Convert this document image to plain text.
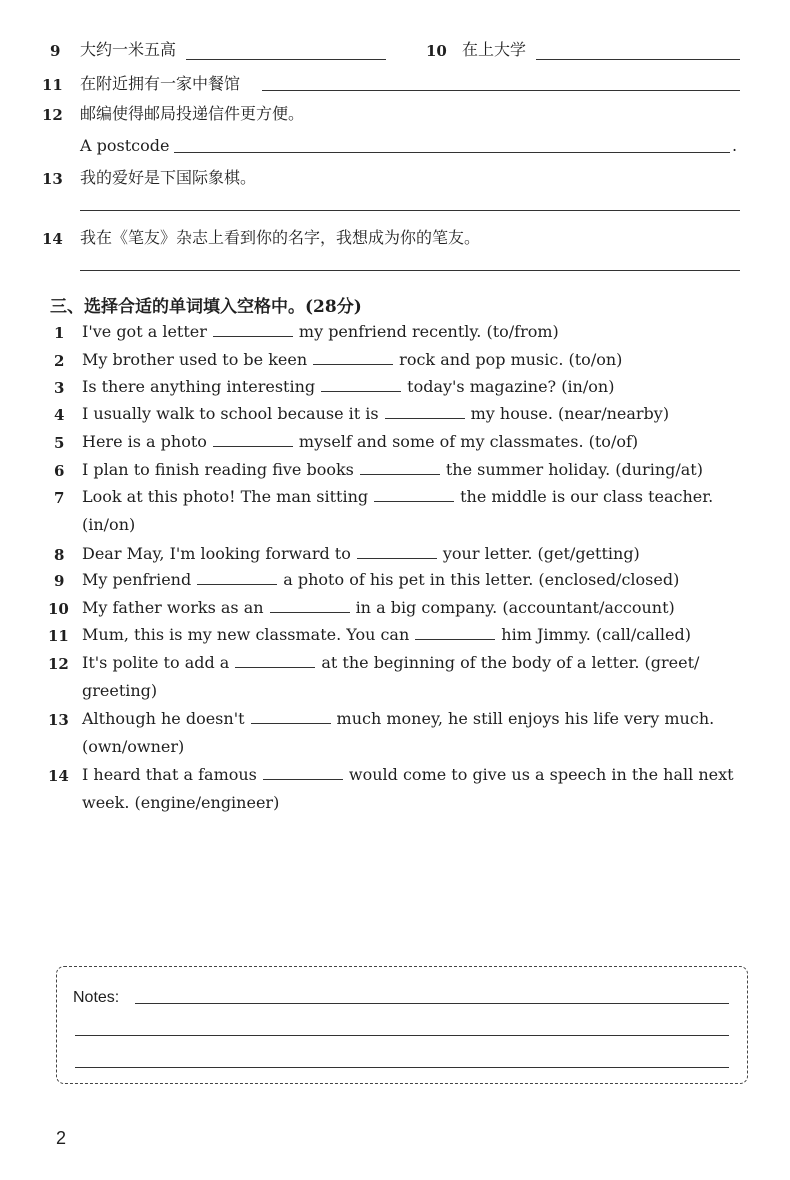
9 大约一米五高	10 在上大学
11 在附近拥有一家中餐馆
12 邮编使得邮局投递信件更方便。
A postcode	.
13 我的爱好是下国际象棋。
14 我在《笔友》杂志上看到你的名字，我想成为你的笔友。
三、选择合适的单词填入空格中。(28分)
1 I've got a letter	my penfriend recently. (to/from)
2 My brother used to be keen	rock and pop music. (to/on)
3 Is there anything interesting	today's magazine? (in/on)
4 I usually walk to school because it is	my house. (near/nearby)
5 Here is a photo	myself and some of my classmates. (to/of)
6 I plan to finish reading five books	the summer holiday. (during/at)
7 Look at this photo! The man sitting	the middle is our class teacher.
(in/on)
8 Dear May, I'm looking forward to	your letter. (get/getting)
9 My penfriend	a photo of his pet in this letter. (enclosed/closed)
10 My father works as an	in a big company. (accountant/account)
11 Mum, this is my new classmate. You can	him Jimmy. (call/called)
12 It's polite to add a	at the beginning of the body of a letter. (greet/
greeting)
13 Although he doesn't	much money, he still enjoys his life very much.
(own/owner)
14 I heard that a famous	would come to give us a speech in the hall next
week. (engine/engineer)
Notes:
2
